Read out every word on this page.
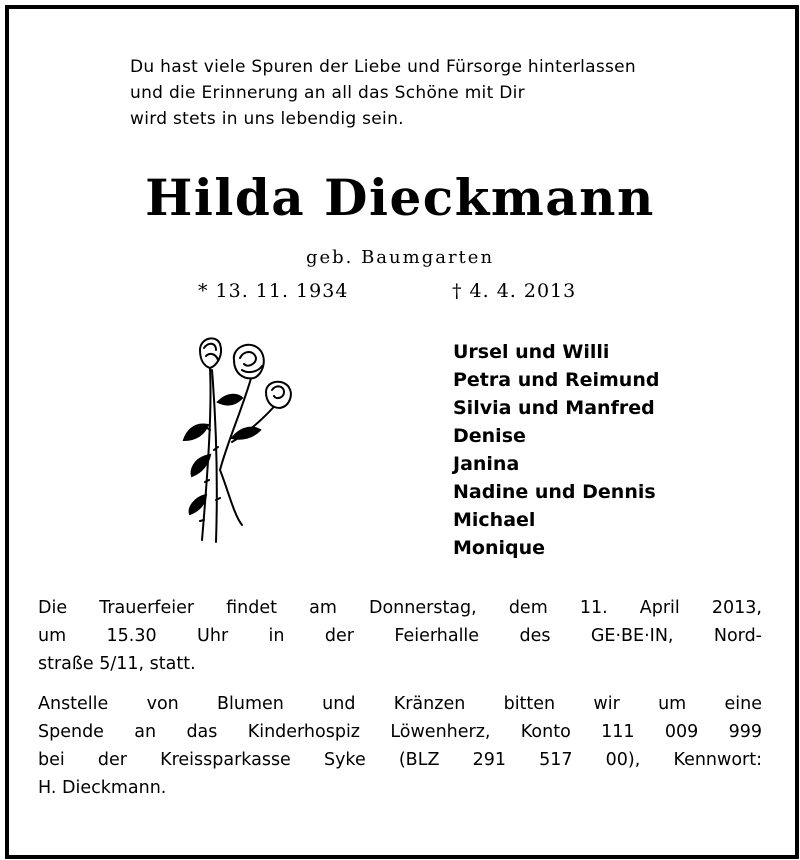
Du hast viele Spuren der Liebe und Fürsorge hinterlassen
und die Erinnerung an all das Schöne mit Dir
wird stets in uns lebendig sein.
Hilda Dieckmann
geb. Baumgarten
* 13. 11. 1934	† 4. 4. 2013
Ursel und Willi
Petra und Reimund
Silvia und Manfred
Denise
Janina
Nadine und Dennis
Michael
Monique
Die Trauerfeier findet am Donnerstag, dem 11. April 2013,
um 15.30 Uhr in der Feierhalle des GE·BE·IN, Nord-
straße 5/11, statt.
Anstelle von Blumen und Kränzen bitten wir um eine
Spende an das Kinderhospiz Löwenherz, Konto 111 009 999
bei der Kreissparkasse Syke (BLZ 291 517 00), Kennwort:
H. Dieckmann.
